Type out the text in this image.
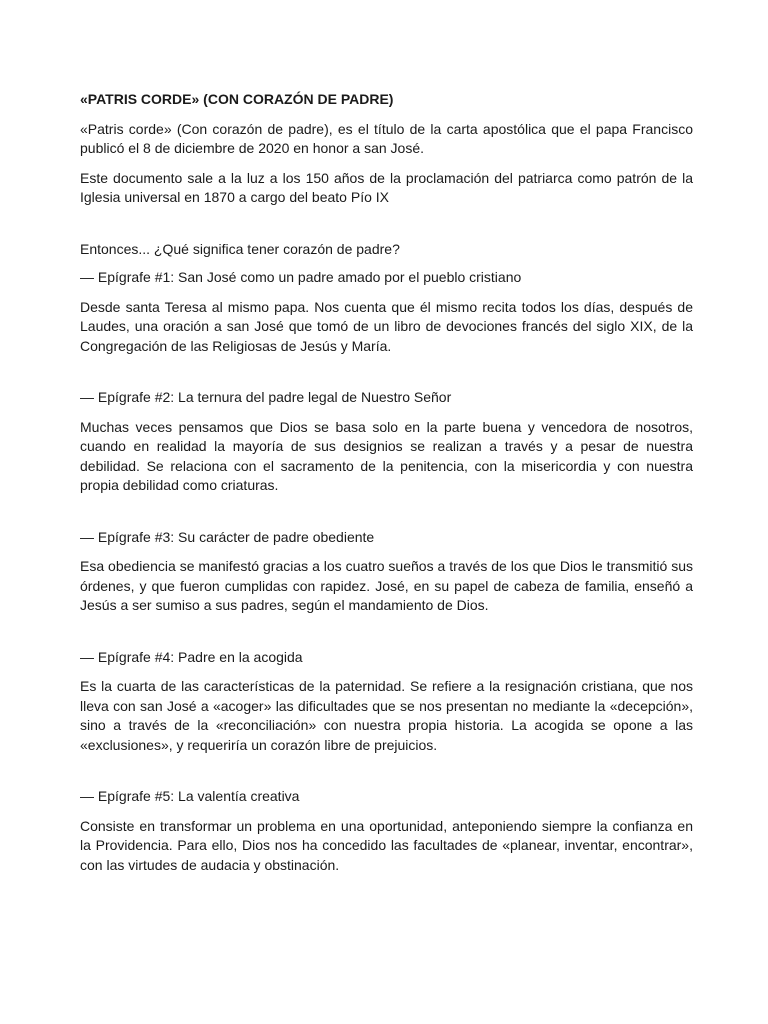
«PATRIS CORDE» (CON CORAZÓN DE PADRE)

«Patris corde» (Con corazón de padre), es el título de la carta apostólica que el papa Francisco publicó el 8 de diciembre de 2020 en honor a san José.

Este documento sale a la luz a los 150 años de la proclamación del patriarca como patrón de la Iglesia universal en 1870 a cargo del beato Pío IX

Entonces... ¿Qué significa tener corazón de padre?

— Epígrafe #1: San José como un padre amado por el pueblo cristiano

Desde santa Teresa al mismo papa. Nos cuenta que él mismo recita todos los días, después de Laudes, una oración a san José que tomó de un libro de devociones francés del siglo XIX, de la Congregación de las Religiosas de Jesús y María.

— Epígrafe #2: La ternura del padre legal de Nuestro Señor

Muchas veces pensamos que Dios se basa solo en la parte buena y vencedora de nosotros, cuando en realidad la mayoría de sus designios se realizan a través y a pesar de nuestra debilidad. Se relaciona con el sacramento de la penitencia, con la misericordia y con nuestra propia debilidad como criaturas.

— Epígrafe #3: Su carácter de padre obediente

Esa obediencia se manifestó gracias a los cuatro sueños a través de los que Dios le transmitió sus órdenes, y que fueron cumplidas con rapidez. José, en su papel de cabeza de familia, enseñó a Jesús a ser sumiso a sus padres, según el mandamiento de Dios.

— Epígrafe #4: Padre en la acogida

Es la cuarta de las características de la paternidad. Se refiere a la resignación cristiana, que nos lleva con san José a «acoger» las dificultades que se nos presentan no mediante la «decepción», sino a través de la «reconciliación» con nuestra propia historia. La acogida se opone a las «exclusiones», y requeriría un corazón libre de prejuicios.

— Epígrafe #5: La valentía creativa

Consiste en transformar un problema en una oportunidad, anteponiendo siempre la confianza en la Providencia. Para ello, Dios nos ha concedido las facultades de «planear, inventar, encontrar», con las virtudes de audacia y obstinación.
